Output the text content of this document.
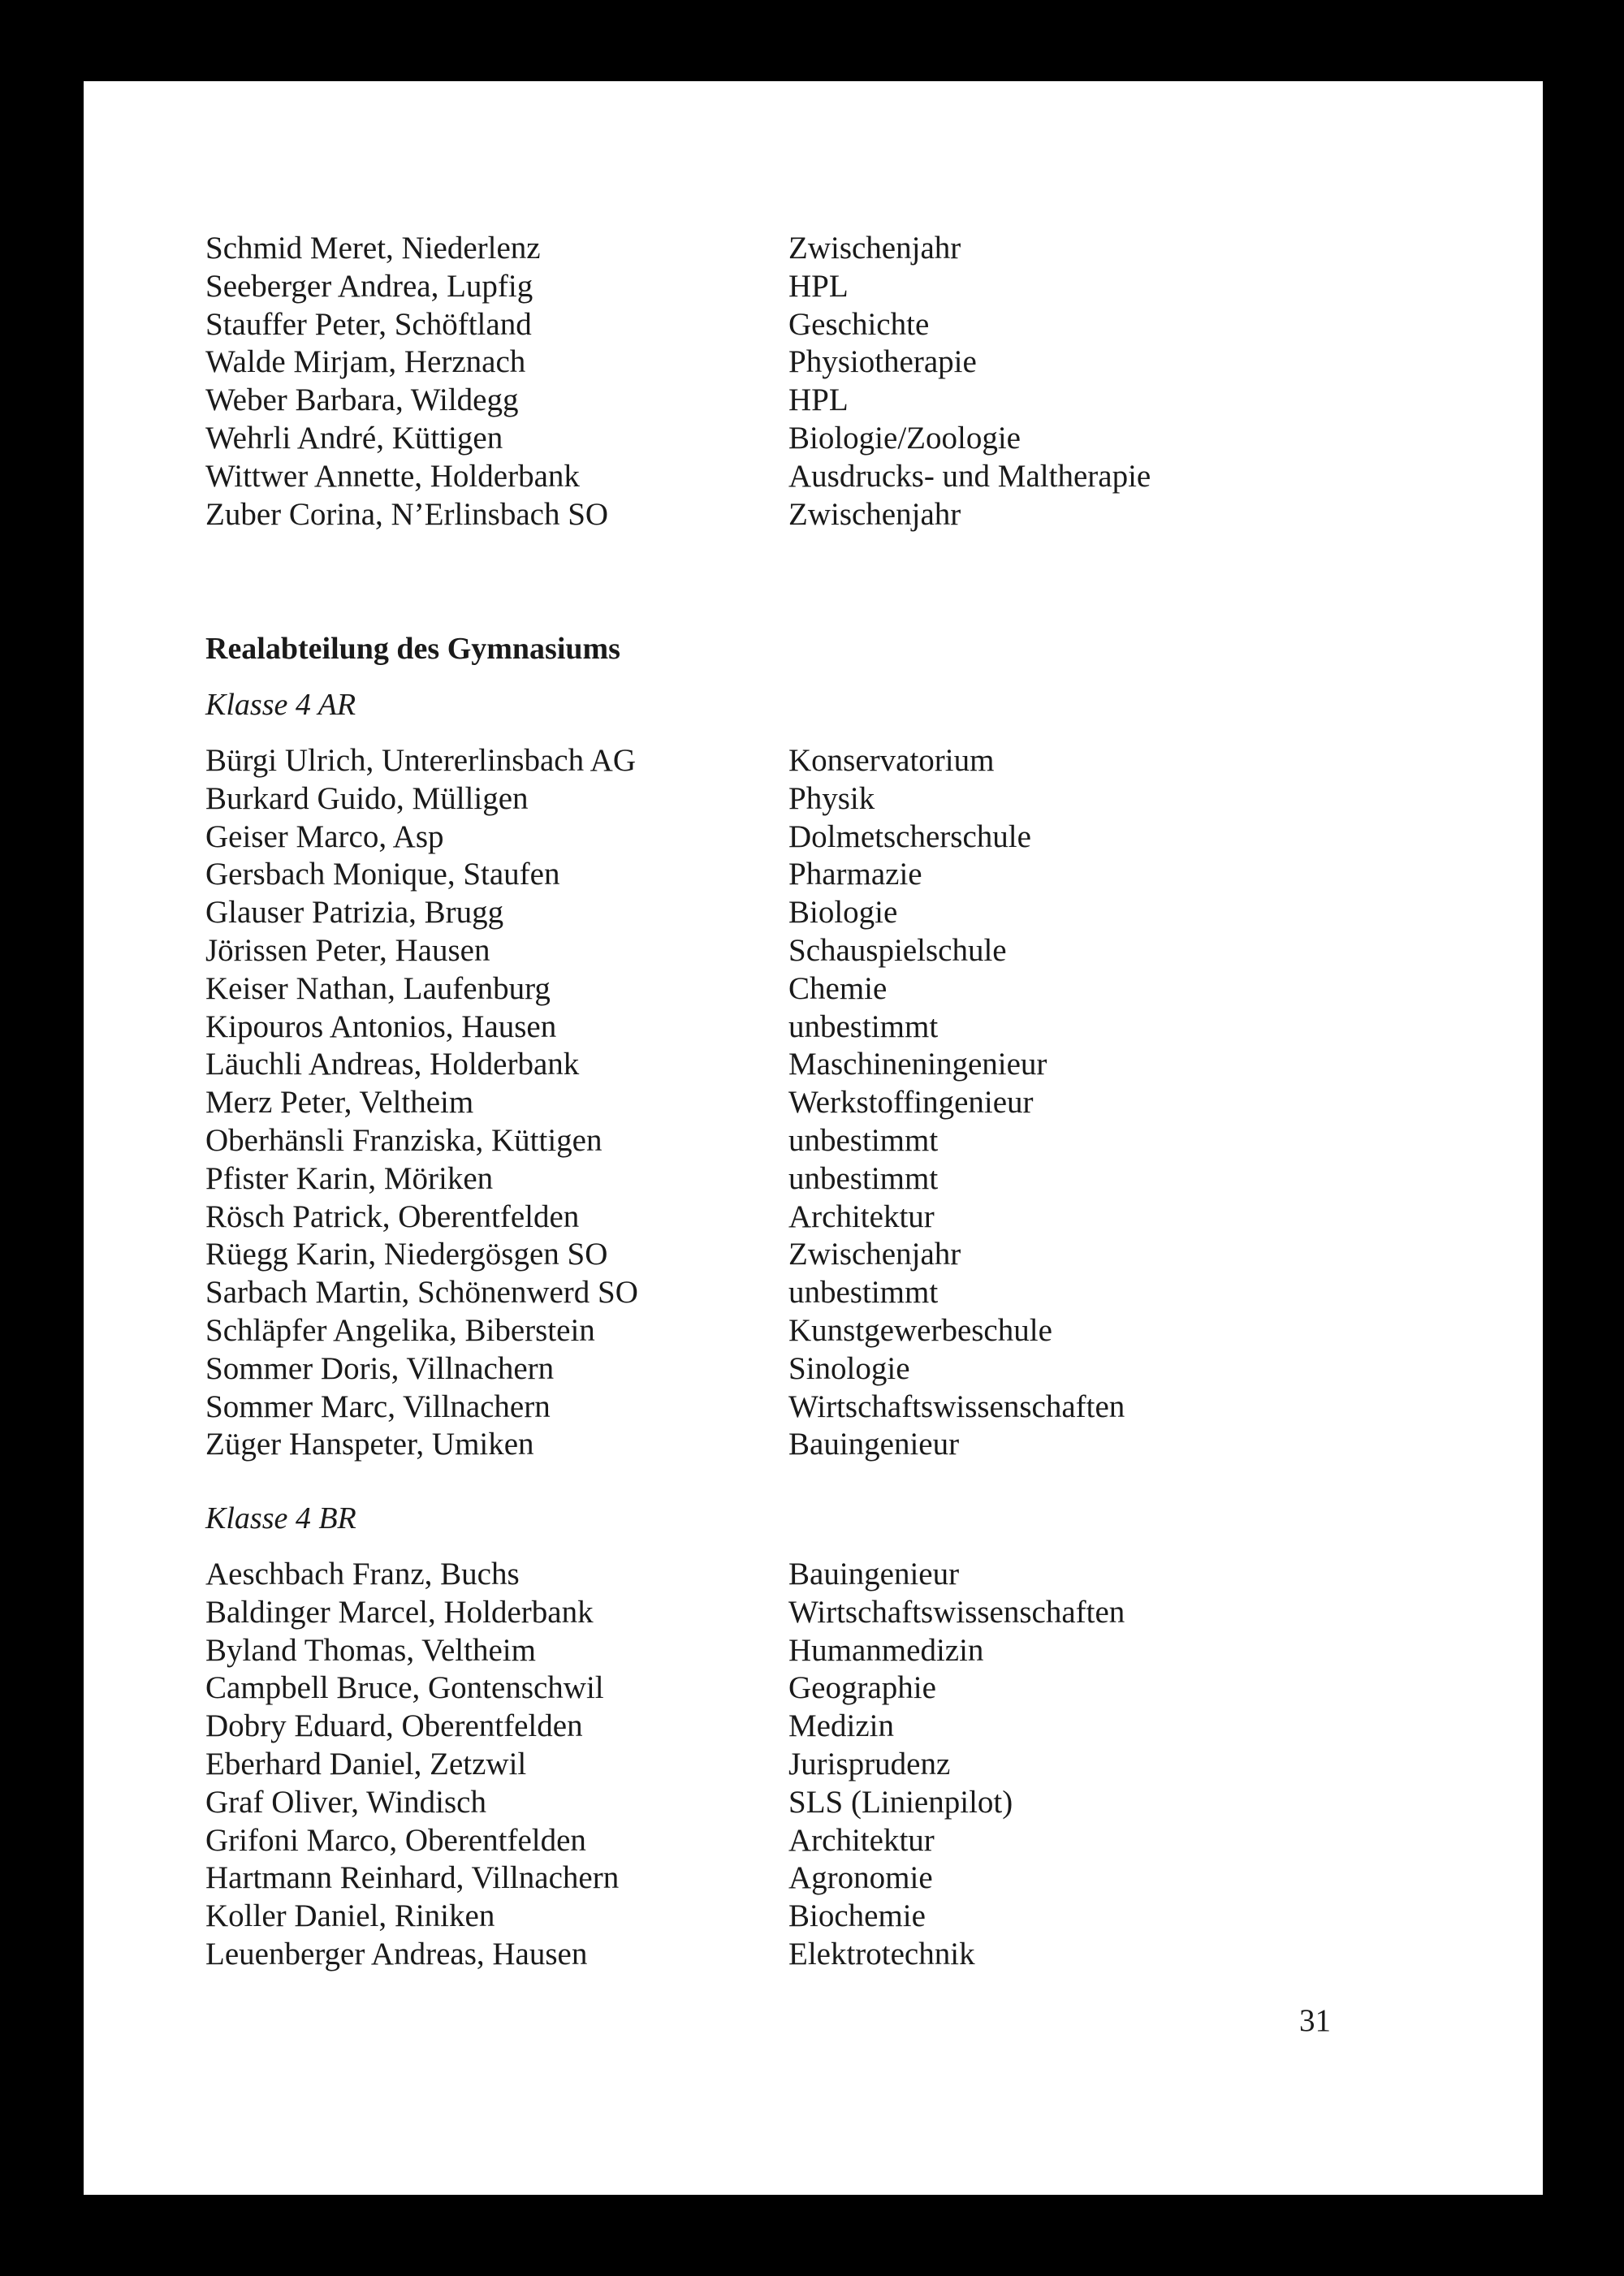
Schmid Meret, Niederlenz	Zwischenjahr
Seeberger Andrea, Lupfig	HPL
Stauffer Peter, Schöftland	Geschichte
Walde Mirjam, Herznach	Physiotherapie
Weber Barbara, Wildegg	HPL
Wehrli André, Küttigen	Biologie/Zoologie
Wittwer Annette, Holderbank	Ausdrucks- und Maltherapie
Zuber Corina, N’Erlinsbach SO	Zwischenjahr
Realabteilung des Gymnasiums
Klasse 4 AR
Bürgi Ulrich, Untererlinsbach AG	Konservatorium
Burkard Guido, Mülligen	Physik
Geiser Marco, Asp	Dolmetscherschule
Gersbach Monique, Staufen	Pharmazie
Glauser Patrizia, Brugg	Biologie
Jörissen Peter, Hausen	Schauspielschule
Keiser Nathan, Laufenburg	Chemie
Kipouros Antonios, Hausen	unbestimmt
Läuchli Andreas, Holderbank	Maschineningenieur
Merz Peter, Veltheim	Werkstoffingenieur
Oberhänsli Franziska, Küttigen	unbestimmt
Pfister Karin, Möriken	unbestimmt
Rösch Patrick, Oberentfelden	Architektur
Rüegg Karin, Niedergösgen SO	Zwischenjahr
Sarbach Martin, Schönenwerd SO	unbestimmt
Schläpfer Angelika, Biberstein	Kunstgewerbeschule
Sommer Doris, Villnachern	Sinologie
Sommer Marc, Villnachern	Wirtschaftswissenschaften
Züger Hanspeter, Umiken	Bauingenieur
Klasse 4 BR
Aeschbach Franz, Buchs	Bauingenieur
Baldinger Marcel, Holderbank	Wirtschaftswissenschaften
Byland Thomas, Veltheim	Humanmedizin
Campbell Bruce, Gontenschwil	Geographie
Dobry Eduard, Oberentfelden	Medizin
Eberhard Daniel, Zetzwil	Jurisprudenz
Graf Oliver, Windisch	SLS (Linienpilot)
Grifoni Marco, Oberentfelden	Architektur
Hartmann Reinhard, Villnachern	Agronomie
Koller Daniel, Riniken	Biochemie
Leuenberger Andreas, Hausen	Elektrotechnik
31
